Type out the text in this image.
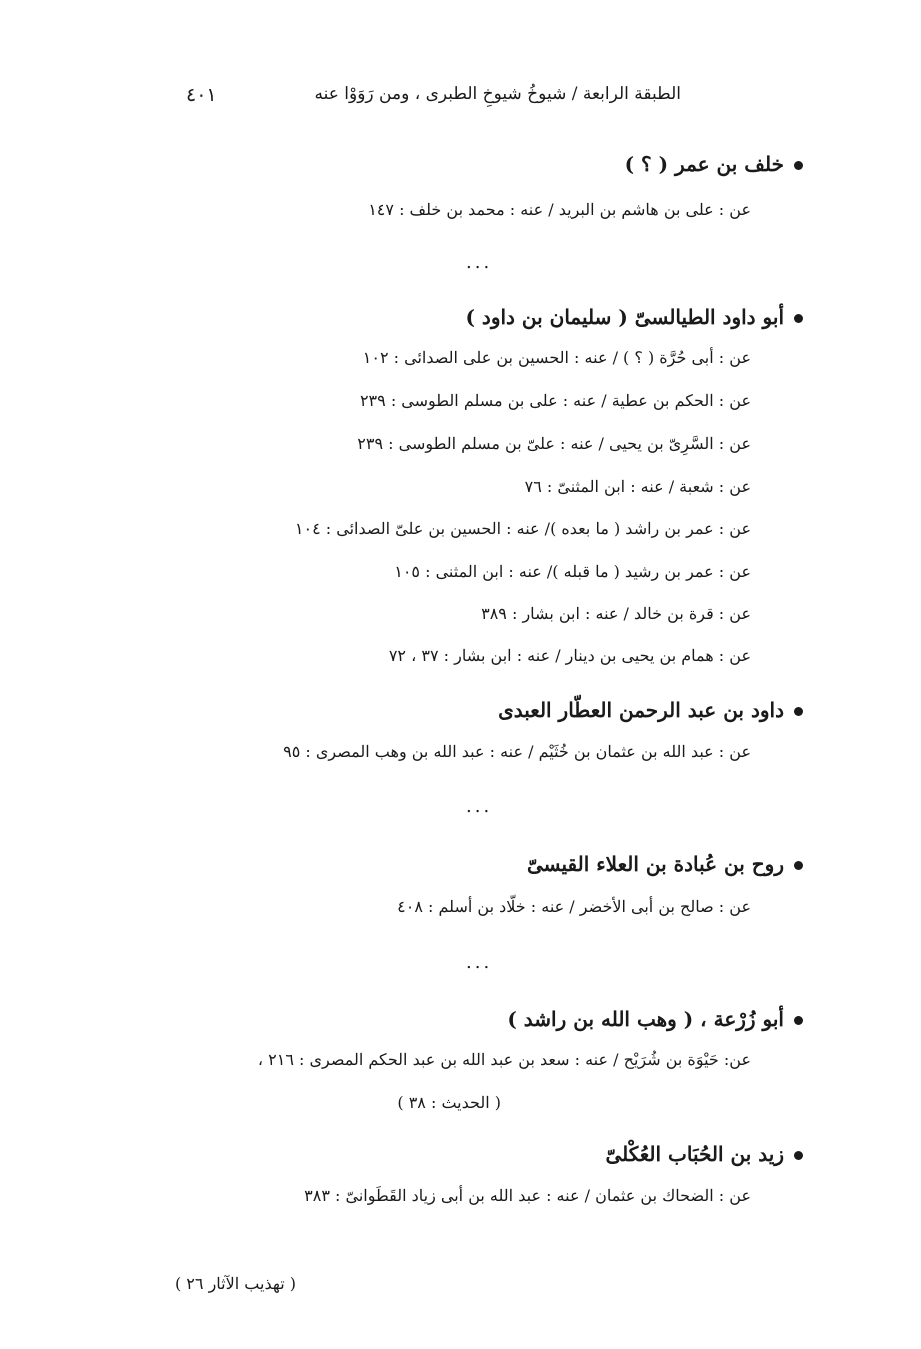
الطبقة الرابعة / شيوخُ شيوخِ الطبرى ، ومن رَوَوْا عنه
٤٠١
خلف بن عمر ( ؟ )
عن : على بن هاشم بن البريد / عنه : محمد بن خلف : ١٤٧
...
أبو داود الطيالسىّ ( سليمان بن داود )
عن : أبى حُرَّة ( ؟ ) / عنه : الحسين بن على الصدائى : ١٠٢
عن : الحكم بن عطية / عنه : على بن مسلم الطوسى : ٢٣٩
عن : السَّرِىّ بن يحيى / عنه : علىّ بن مسلم الطوسى : ٢٣٩
عن : شعبة / عنه : ابن المثنىّ : ٧٦
عن : عمر بن راشد ( ما بعده )/ عنه : الحسين بن علىّ الصدائى : ١٠٤
عن : عمر بن رشيد ( ما قبله )/ عنه : ابن المثنى : ١٠٥
عن : قرة بن خالد / عنه : ابن بشار : ٣٨٩
عن : همام بن يحيى بن دينار / عنه : ابن بشار : ٣٧ ، ٧٢
داود بن عبد الرحمن العطّار العبدى
عن : عبد الله بن عثمان بن خُثَيْم / عنه : عبد الله بن وهب المصرى : ٩٥
...
روح بن عُبادة بن العلاء القيسىّ
عن : صالح بن أبى الأخضر / عنه : خلّاد بن أسلم : ٤٠٨
...
أبو زُرْعة ، ( وهب الله بن راشد )
عن: حَيْوَة بن شُرَيْح / عنه : سعد بن عبد الله بن عبد الحكم المصرى : ٢١٦ ،
( الحديث : ٣٨ )
زيد بن الحُبَاب العُكْلىّ
عن : الضحاك بن عثمان / عنه : عبد الله بن أبى زياد القَطَوانىّ : ٣٨٣
( تهذيب الآثار ٢٦ )
